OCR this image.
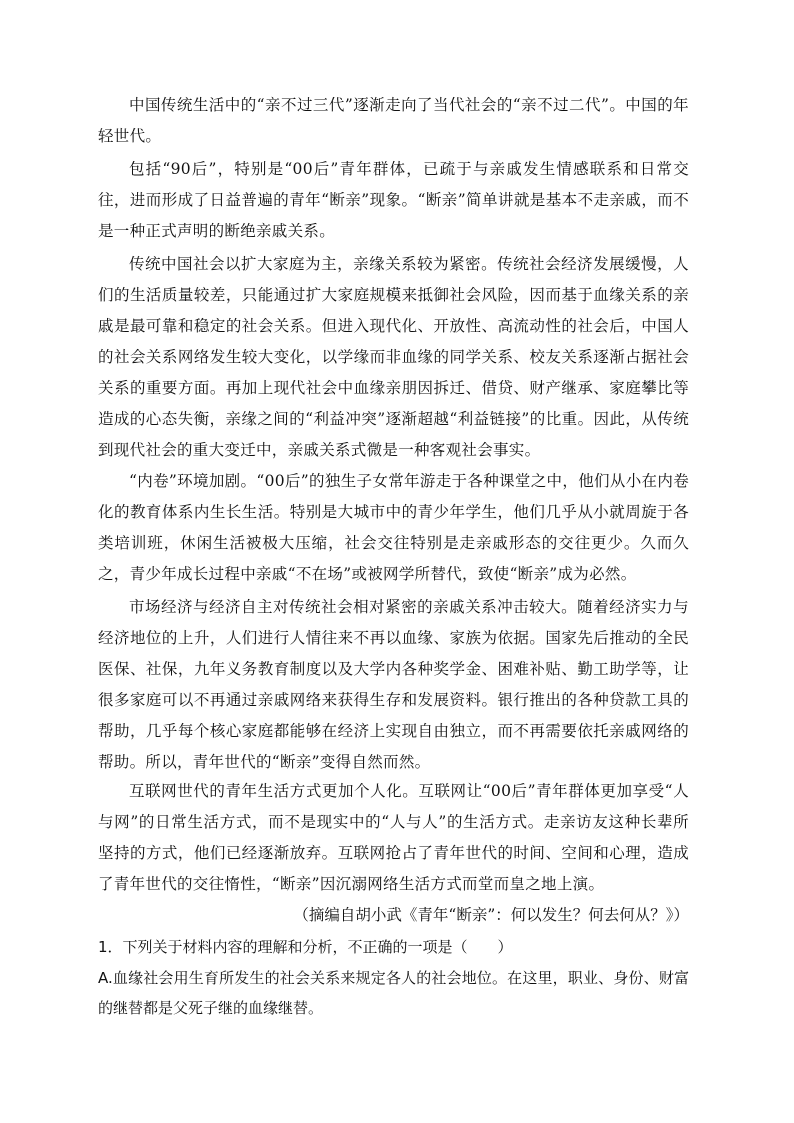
中国传统生活中的“亲不过三代”逐渐走向了当代社会的“亲不过二代”。中国的年轻世代。

包括“90后”，特别是“00后”青年群体，已疏于与亲戚发生情感联系和日常交往，进而形成了日益普遍的青年“断亲”现象。“断亲”简单讲就是基本不走亲戚，而不是一种正式声明的断绝亲戚关系。

传统中国社会以扩大家庭为主，亲缘关系较为紧密。传统社会经济发展缓慢，人们的生活质量较差，只能通过扩大家庭规模来抵御社会风险，因而基于血缘关系的亲戚是最可靠和稳定的社会关系。但进入现代化、开放性、高流动性的社会后，中国人的社会关系网络发生较大变化，以学缘而非血缘的同学关系、校友关系逐渐占据社会关系的重要方面。再加上现代社会中血缘亲朋因拆迁、借贷、财产继承、家庭攀比等造成的心态失衡，亲缘之间的“利益冲突”逐渐超越“利益链接”的比重。因此，从传统到现代社会的重大变迁中，亲戚关系式微是一种客观社会事实。

“内卷”环境加剧。“00后”的独生子女常年游走于各种课堂之中，他们从小在内卷化的教育体系内生长生活。特别是大城市中的青少年学生，他们几乎从小就周旋于各类培训班，休闲生活被极大压缩，社会交往特别是走亲戚形态的交往更少。久而久之，青少年成长过程中亲戚“不在场”或被网学所替代，致使“断亲”成为必然。

市场经济与经济自主对传统社会相对紧密的亲戚关系冲击较大。随着经济实力与经济地位的上升，人们进行人情往来不再以血缘、家族为依据。国家先后推动的全民医保、社保，九年义务教育制度以及大学内各种奖学金、困难补贴、勤工助学等，让很多家庭可以不再通过亲戚网络来获得生存和发展资料。银行推出的各种贷款工具的帮助，几乎每个核心家庭都能够在经济上实现自由独立，而不再需要依托亲戚网络的帮助。所以，青年世代的“断亲”变得自然而然。

互联网世代的青年生活方式更加个人化。互联网让“00后”青年群体更加享受“人与网”的日常生活方式，而不是现实中的“人与人”的生活方式。走亲访友这种长辈所坚持的方式，他们已经逐渐放弃。互联网抢占了青年世代的时间、空间和心理，造成了青年世代的交往惰性，“断亲”因沉溺网络生活方式而堂而皇之地上演。

（摘编自胡小武《青年“断亲”：何以发生？何去何从？》）

1．下列关于材料内容的理解和分析，不正确的一项是（　　）

A.血缘社会用生育所发生的社会关系来规定各人的社会地位。在这里，职业、身份、财富的继替都是父死子继的血缘继替。
